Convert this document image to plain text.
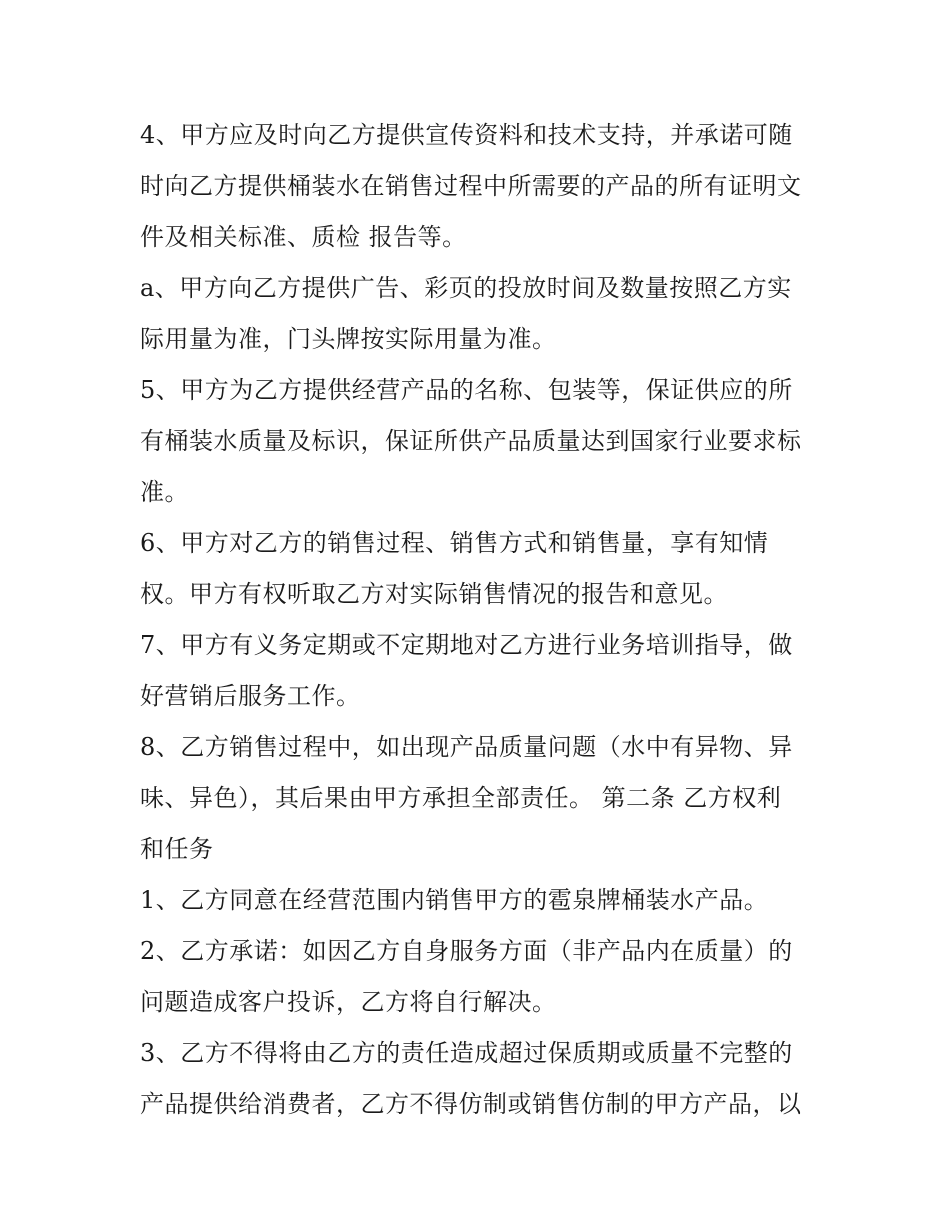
4、甲方应及时向乙方提供宣传资料和技术支持，并承诺可随
时向乙方提供桶装水在销售过程中所需要的产品的所有证明文
件及相关标准、质检 报告等。
a、甲方向乙方提供广告、彩页的投放时间及数量按照乙方实
际用量为准，门头牌按实际用量为准。
5、甲方为乙方提供经营产品的名称、包装等，保证供应的所
有桶装水质量及标识，保证所供产品质量达到国家行业要求标
准。
6、甲方对乙方的销售过程、销售方式和销售量，享有知情
权。甲方有权听取乙方对实际销售情况的报告和意见。
7、甲方有义务定期或不定期地对乙方进行业务培训指导，做
好营销后服务工作。
8、乙方销售过程中，如出现产品质量问题（水中有异物、异
味、异色），其后果由甲方承担全部责任。 第二条 乙方权利
和任务
1、乙方同意在经营范围内销售甲方的雹泉牌桶装水产品。
2、乙方承诺：如因乙方自身服务方面（非产品内在质量）的
问题造成客户投诉，乙方将自行解决。
3、乙方不得将由乙方的责任造成超过保质期或质量不完整的
产品提供给消费者，乙方不得仿制或销售仿制的甲方产品，以
